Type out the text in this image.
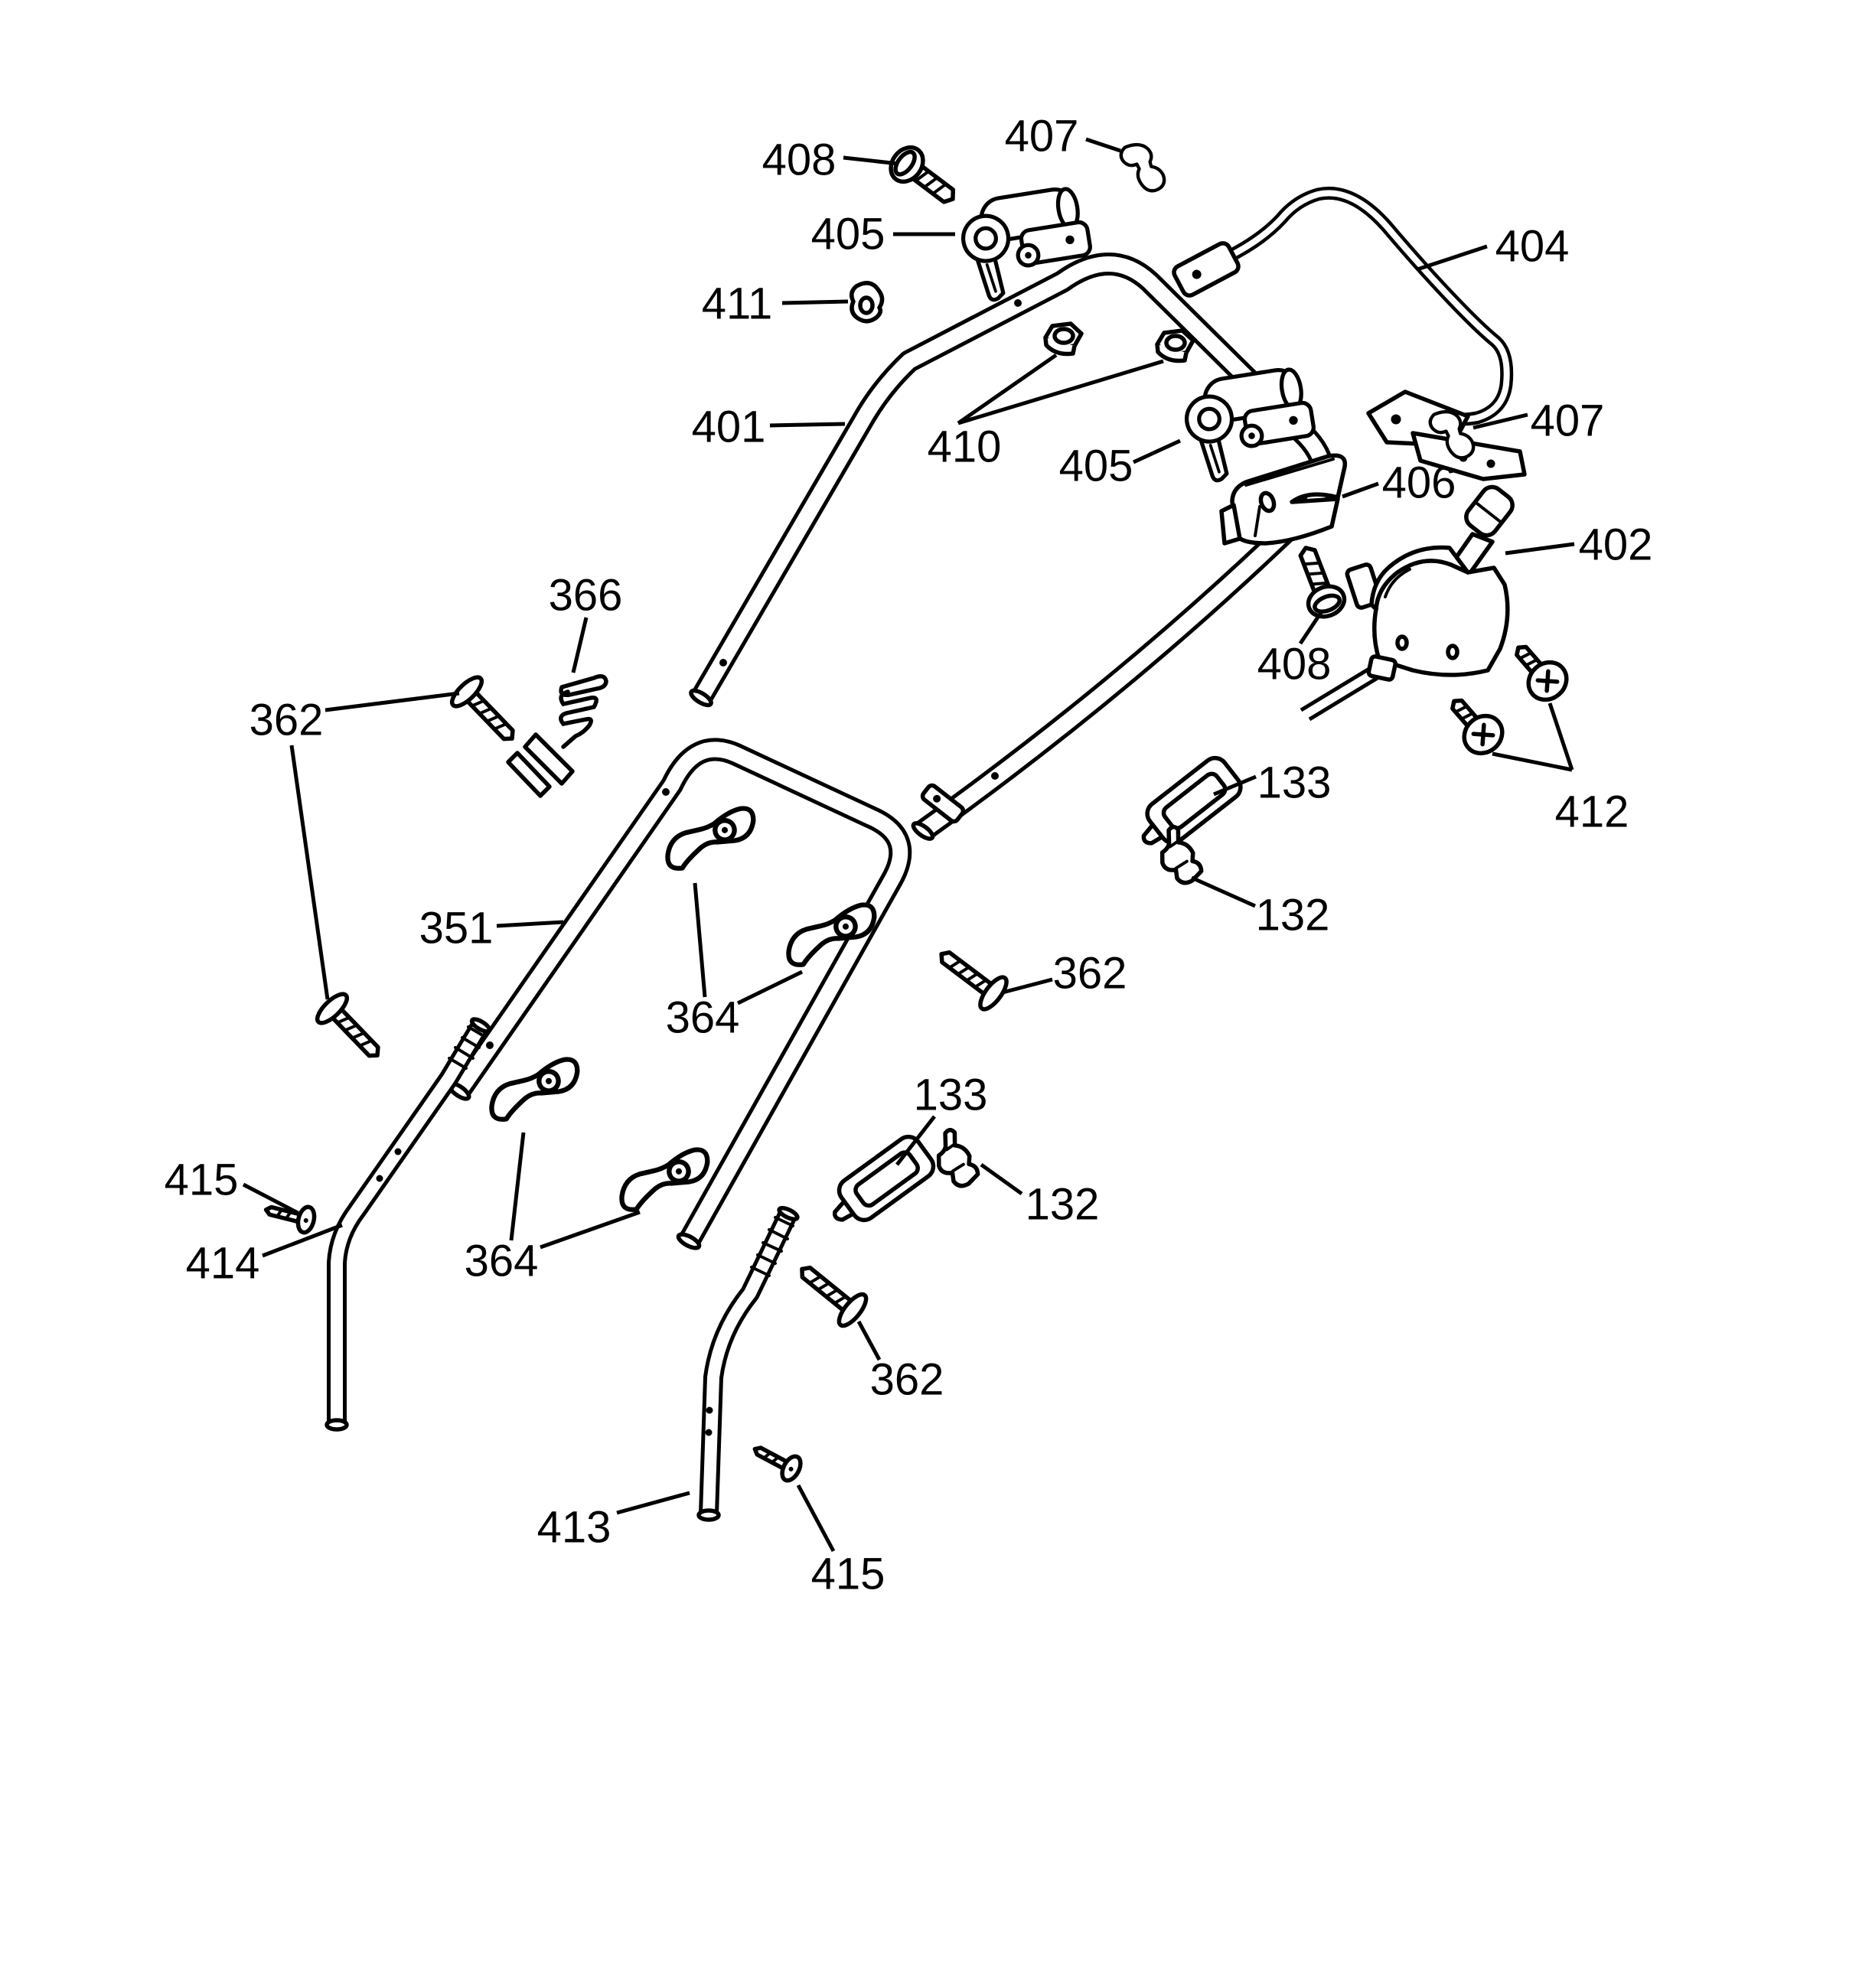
408	407
405	404
411
401	410 405
407
406
402
408
366
362
412
133
351
364
132
362
133
132
415
414	364
362
413
415
